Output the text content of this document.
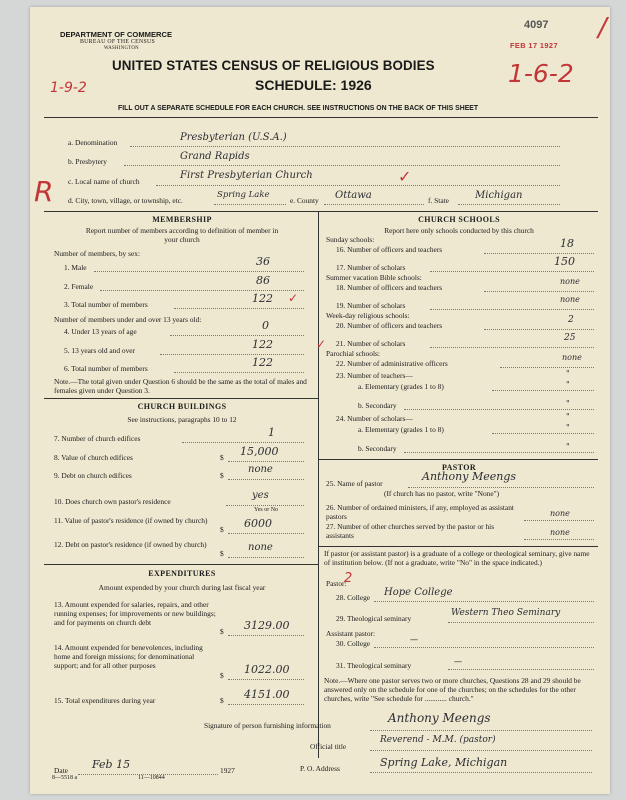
DEPARTMENT OF COMMERCE
BUREAU OF THE CENSUS
WASHINGTON
4097
FEB 17 1927
/
UNITED STATES CENSUS OF RELIGIOUS BODIES
SCHEDULE: 1926
1-9-2	1-6-2
FILL OUT A SEPARATE SCHEDULE FOR EACH CHURCH. SEE INSTRUCTIONS ON THE BACK OF THIS SHEET
a. Denomination	Presbyterian (U.S.A.)
b. Presbytery	Grand Rapids
c. Local name of church
First Presbyterian Church	✓
d. City, town, village, or township, etc.
Spring Lake
e. County Ottawa	f. State	Michigan
R
MEMBERSHIP
Report number of members according to definition of member in your church
Number of members, by sex:
1. Male	36
2. Female	86
3. Total number of members	122 ✓
Number of members under and over 13 years old:
4. Under 13 years of age	0
5. 13 years old and over	122
6. Total number of members	122
Note.—The total given under Question 6 should be the same as the total of males and females given under Question 3.
CHURCH BUILDINGS
See instructions, paragraphs 10 to 12
7. Number of church edifices	1
8. Value of church edifices	$ 15,000
9. Debt on church edifices	$
none
10. Does church own pastor's residence
yes
Yes or No
11. Value of pastor's residence (if owned by church)
$ 6000
12. Debt on pastor's residence (if owned by church)
$
none
EXPENDITURES
Amount expended by your church during last fiscal year
13. Amount expended for salaries, repairs, and other running expenses; for improvements or new buildings; and for payments on church debt
$ 3129.00
14. Amount expended for benevolences, including home and foreign missions; for denominational support; and for all other purposes
$ 1022.00
15. Total expenditures during year	$ 4151.00
CHURCH SCHOOLS
Report here only schools conducted by this church
Sunday schools:
16. Number of officers and teachers	18
17. Number of scholars	150
Summer vacation Bible schools:
18. Number of officers and teachers
none
19. Number of scholars
none
Week-day religious schools:
20. Number of officers and teachers
2
21. Number of scholars
25
✓
Parochial schools:
22. Number of administrative officers
none
23. Number of teachers—	"
a. Elementary (grades 1 to 8)	"
b. Secondary	"
24. Number of scholars—	"
a. Elementary (grades 1 to 8)	"
b. Secondary	"
PASTOR
25. Name of pastor
Anthony Meengs
(If church has no pastor, write "None")
26. Number of ordained ministers, if any, employed as assistant pastors	none
27. Number of other churches served by the pastor or his assistants	none
If pastor (or assistant pastor) is a graduate of a college or theological seminary, give name of institution below. (If not a graduate, write "No" in the space indicated.)
Pastor:
2
28. College Hope College
29. Theological seminary
Western Theo Seminary
Assistant pastor:
30. College	—
31. Theological seminary	—
Note.—Where one pastor serves two or more churches, Questions 28 and 29 should be answered only on the schedule for one of the churches; on the schedules for the other churches, write "See schedule for ............ church."
Signature of person furnishing information
Anthony Meengs
Official title
Reverend - M.M. (pastor)
Date Feb 15	1927	P. O. Address	Spring Lake, Michigan
8—5518 a	11—10844
